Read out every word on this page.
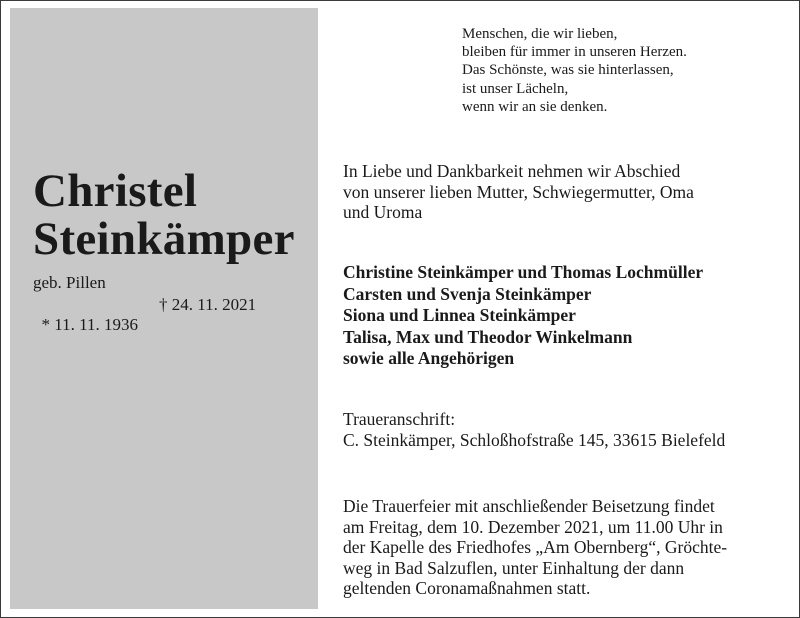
Christel
Steinkämper
geb. Pillen

* 11. 11. 1936

† 24. 11. 2021

Menschen, die wir lieben,
bleiben für immer in unseren Herzen.
Das Schönste, was sie hinterlassen,
ist unser Lächeln,
wenn wir an sie denken.
In Liebe und Dankbarkeit nehmen wir Abschied
von unserer lieben Mutter, Schwiegermutter, Oma
und Uroma
Christine Steinkämper und Thomas Lochmüller
Carsten und Svenja Steinkämper
Siona und Linnea Steinkämper
Talisa, Max und Theodor Winkelmann
sowie alle Angehörigen
Traueranschrift:
C. Steinkämper, Schloßhofstraße 145, 33615 Bielefeld
Die Trauerfeier mit anschließender Beisetzung findet
am Freitag, dem 10. Dezember 2021, um 11.00 Uhr in
der Kapelle des Friedhofes „Am Obernberg“, Gröchte-
weg in Bad Salzuflen, unter Einhaltung der dann
geltenden Coronamaßnahmen statt.
